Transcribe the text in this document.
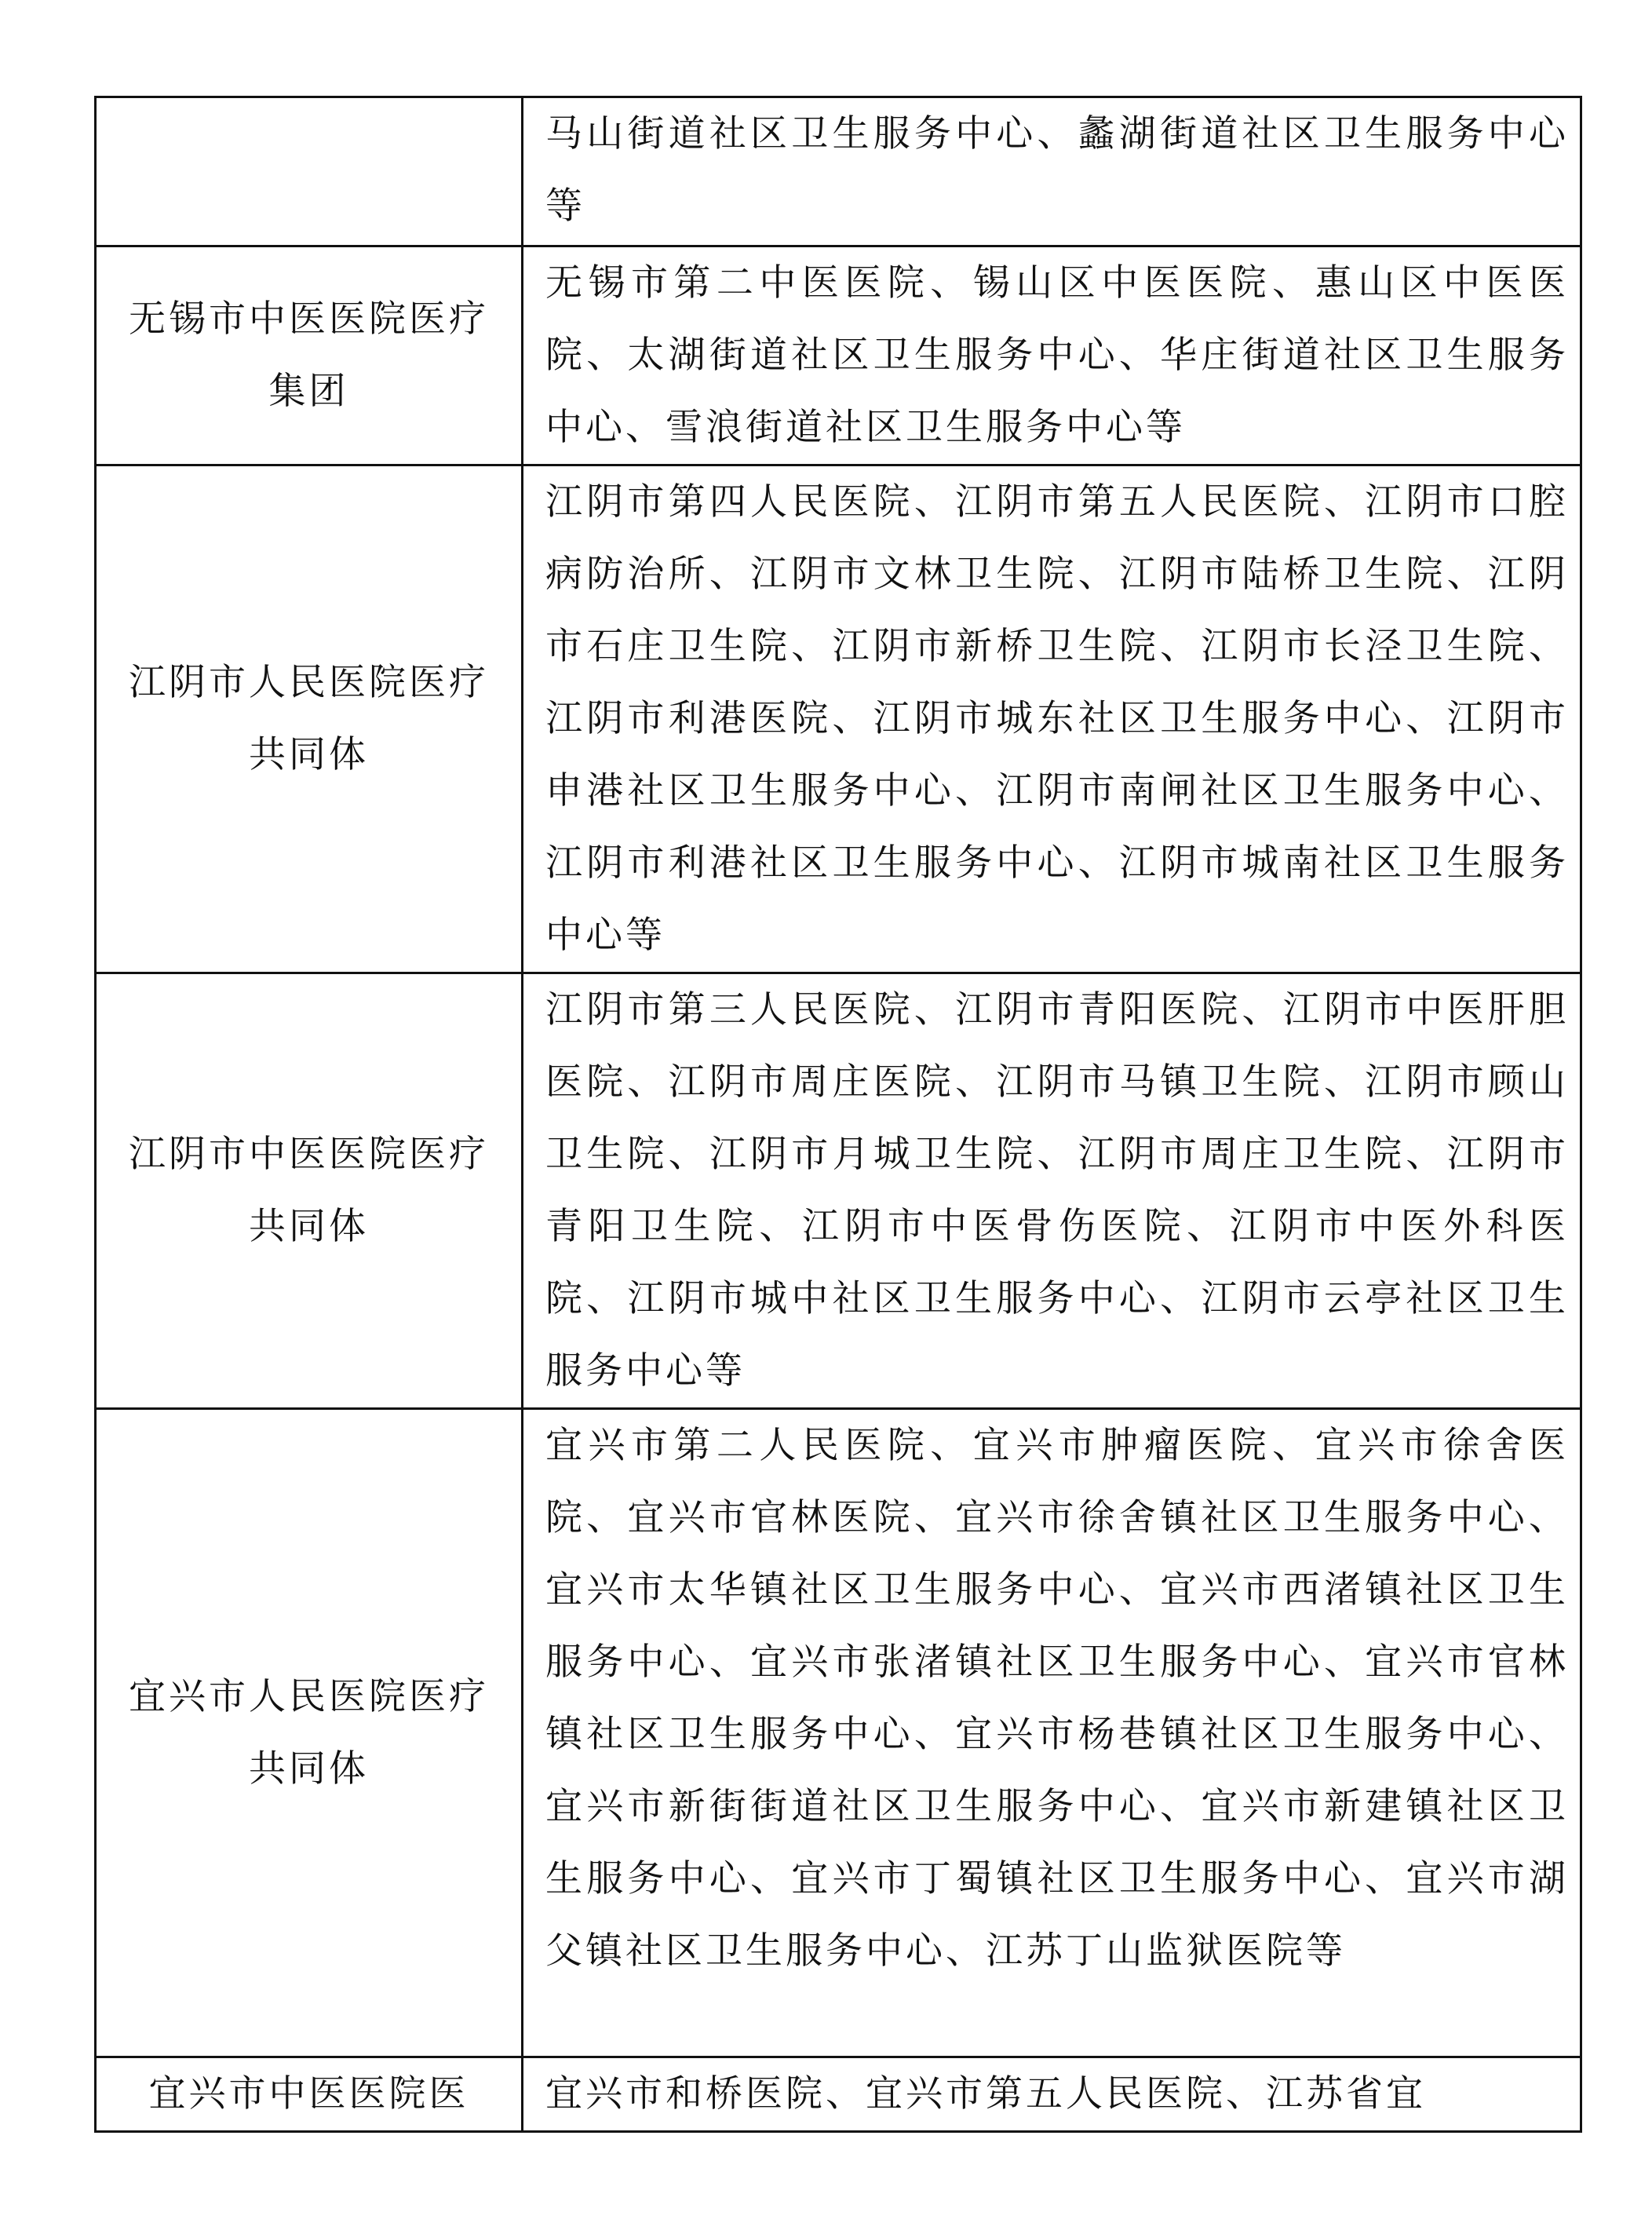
	马山街道社区卫生服务中心、蠡湖街道社区卫生服务中心等

无锡市中医医院医疗集团	无锡市第二中医医院、锡山区中医医院、惠山区中医医院、太湖街道社区卫生服务中心、华庄街道社区卫生服务中心、雪浪街道社区卫生服务中心等

江阴市人民医院医疗共同体	江阴市第四人民医院、江阴市第五人民医院、江阴市口腔病防治所、江阴市文林卫生院、江阴市陆桥卫生院、江阴市石庄卫生院、江阴市新桥卫生院、江阴市长泾卫生院、江阴市利港医院、江阴市城东社区卫生服务中心、江阴市申港社区卫生服务中心、江阴市南闸社区卫生服务中心、江阴市利港社区卫生服务中心、江阴市城南社区卫生服务中心等

江阴市中医医院医疗共同体	江阴市第三人民医院、江阴市青阳医院、江阴市中医肝胆医院、江阴市周庄医院、江阴市马镇卫生院、江阴市顾山卫生院、江阴市月城卫生院、江阴市周庄卫生院、江阴市青阳卫生院、江阴市中医骨伤医院、江阴市中医外科医院、江阴市城中社区卫生服务中心、江阴市云亭社区卫生服务中心等

宜兴市人民医院医疗共同体	宜兴市第二人民医院、宜兴市肿瘤医院、宜兴市徐舍医院、宜兴市官林医院、宜兴市徐舍镇社区卫生服务中心、宜兴市太华镇社区卫生服务中心、宜兴市西渚镇社区卫生服务中心、宜兴市张渚镇社区卫生服务中心、宜兴市官林镇社区卫生服务中心、宜兴市杨巷镇社区卫生服务中心、宜兴市新街街道社区卫生服务中心、宜兴市新建镇社区卫生服务中心、宜兴市丁蜀镇社区卫生服务中心、宜兴市湖父镇社区卫生服务中心、江苏丁山监狱医院等

宜兴市中医医院医	宜兴市和桥医院、宜兴市第五人民医院、江苏省宜
